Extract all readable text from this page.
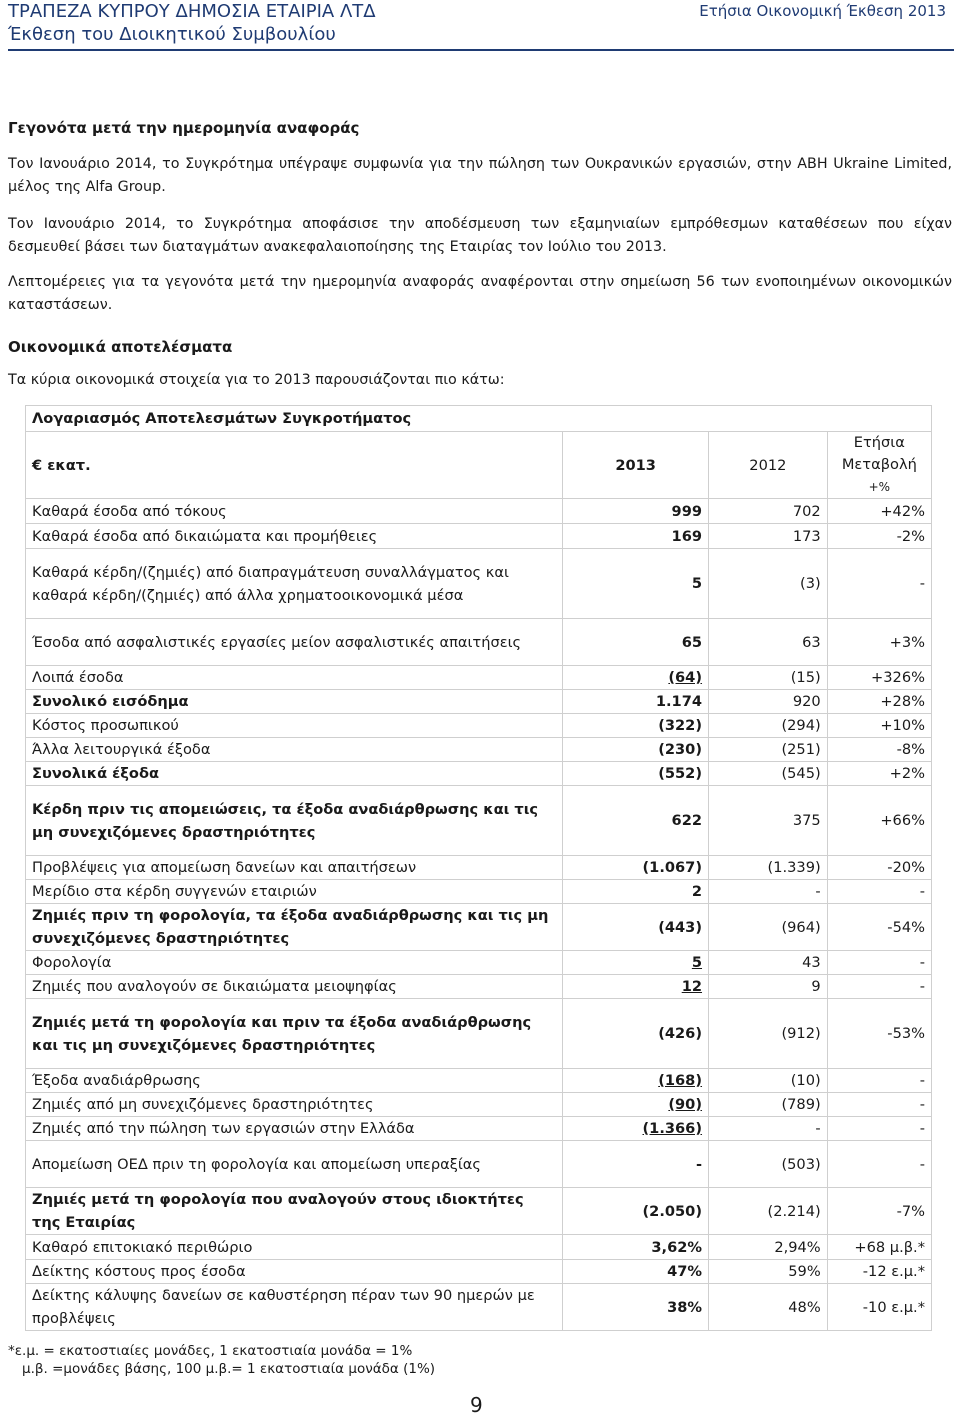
ΤΡΑΠΕΖΑ ΚΥΠΡΟΥ ΔΗΜΟΣΙΑ ΕΤΑΙΡΙΑ ΛΤΔ
Έκθεση του Διοικητικού Συμβουλίου
Ετήσια Οικονομική Έκθεση 2013

Γεγονότα μετά την ημερομηνία αναφοράς

Τον Ιανουάριο 2014, το Συγκρότημα υπέγραψε συμφωνία για την πώληση των Ουκρανικών εργασιών, στην ABH Ukraine Limited, μέλος της Alfa Group.

Τον Ιανουάριο 2014, το Συγκρότημα αποφάσισε την αποδέσμευση των εξαμηνιαίων εμπρόθεσμων καταθέσεων που είχαν δεσμευθεί βάσει των διαταγμάτων ανακεφαλαιοποίησης της Εταιρίας τον Ιούλιο του 2013.

Λεπτομέρειες για τα γεγονότα μετά την ημερομηνία αναφοράς αναφέρονται στην σημείωση 56 των ενοποιημένων οικονομικών καταστάσεων.

Οικονομικά αποτελέσματα

Τα κύρια οικονομικά στοιχεία για το 2013 παρουσιάζονται πιο κάτω:

Λογαριασμός Αποτελεσμάτων Συγκροτήματος			
€ εκατ.	2013	2012	Ετήσια
Μεταβολή
+%

Καθαρά έσοδα από τόκους	999	702	+42%
Καθαρά έσοδα από δικαιώματα και προμήθειες	169	173	-2%
Καθαρά κέρδη/(ζημιές) από διαπραγμάτευση συναλλάγματος και καθαρά κέρδη/(ζημιές) από άλλα χρηματοοικονομικά μέσα	5	(3)	-
Έσοδα από ασφαλιστικές εργασίες μείον ασφαλιστικές απαιτήσεις	65	63	+3%
Λοιπά έσοδα	(64)	(15)	+326%
Συνολικό εισόδημα	1.174	920	+28%
Κόστος προσωπικού	(322)	(294)	+10%
Άλλα λειτουργικά έξοδα	(230)	(251)	-8%
Συνολικά έξοδα	(552)	(545)	+2%
Κέρδη πριν τις απομειώσεις, τα έξοδα αναδιάρθρωσης και τις μη συνεχιζόμενες δραστηριότητες	622	375	+66%
Προβλέψεις για απομείωση δανείων και απαιτήσεων	(1.067)	(1.339)	-20%
Μερίδιο στα κέρδη συγγενών εταιριών	2	-	-
Ζημιές πριν τη φορολογία, τα έξοδα αναδιάρθρωσης και τις μη συνεχιζόμενες δραστηριότητες	(443)	(964)	-54%
Φορολογία	5	43	-
Ζημιές που αναλογούν σε δικαιώματα μειοψηφίας	12	9	-
Ζημιές μετά τη φορολογία και πριν τα έξοδα αναδιάρθρωσης και τις μη συνεχιζόμενες δραστηριότητες	(426)	(912)	-53%
Έξοδα αναδιάρθρωσης	(168)	(10)	-
Ζημιές από μη συνεχιζόμενες δραστηριότητες	(90)	(789)	-
Ζημιές από την πώληση των εργασιών στην Ελλάδα	(1.366)	-	-
Απομείωση ΟΕΔ πριν τη φορολογία και απομείωση υπεραξίας	-	(503)	-
Ζημιές μετά τη φορολογία που αναλογούν στους ιδιοκτήτες της Εταιρίας	(2.050)	(2.214)	-7%
Καθαρό επιτοκιακό περιθώριο	3,62%	2,94%	+68 μ.β.*
Δείκτης κόστους προς έσοδα	47%	59%	-12 ε.μ.*
Δείκτης κάλυψης δανείων σε καθυστέρηση πέραν των 90 ημερών με προβλέψεις	38%	48%	-10 ε.μ.*
*ε.μ. = εκατοστιαίες μονάδες, 1 εκατοστιαία μονάδα = 1%
μ.β. =μονάδες βάσης, 100 μ.β.= 1 εκατοστιαία μονάδα (1%)
9
